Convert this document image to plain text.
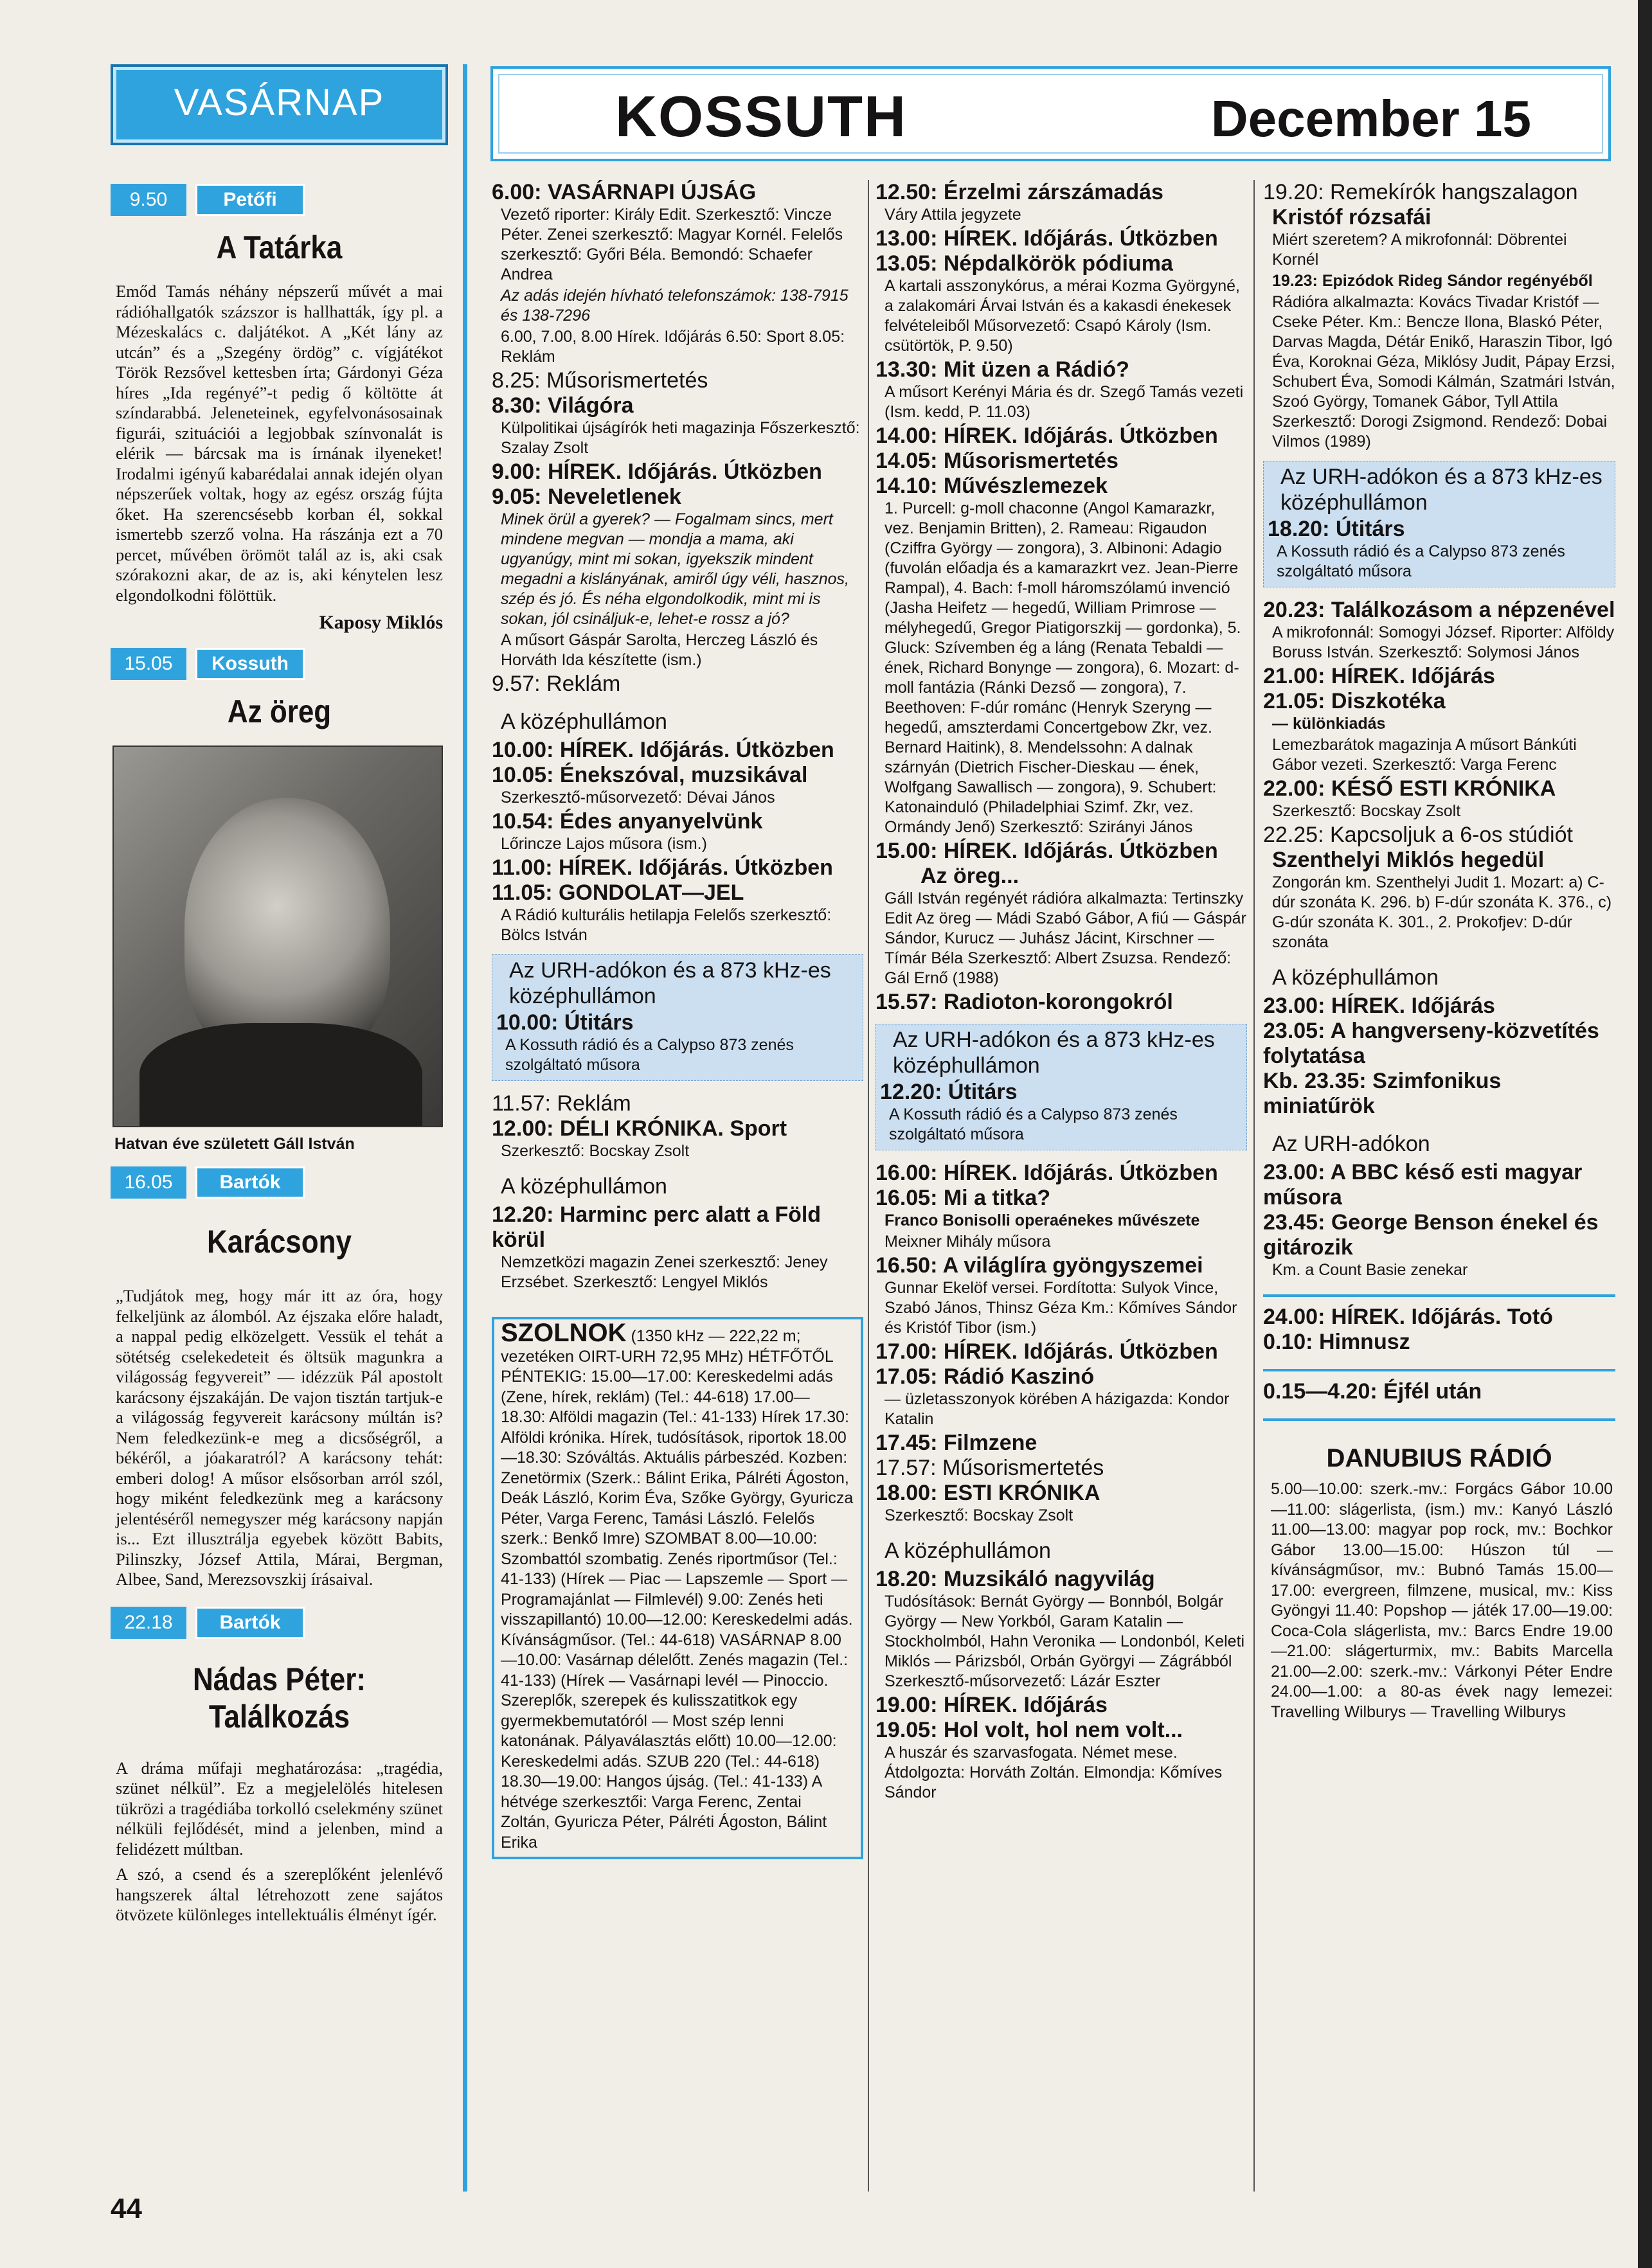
VASÁRNAP
9.50	Petőfi
A Tatárka
Emőd Tamás néhány népszerű művét a mai rádióhallgatók százszor is hallhatták, így pl. a Mézeskalács c. daljátékot. A „Két lány az utcán” és a „Szegény ördög” c. vígjátékot Török Rezsővel kettesben írta; Gárdonyi Géza híres „Ida regényé”-t pedig ő költötte át színdarabbá. Jeleneteinek, egyfelvonásosainak figurái, szituációi a legjobbak színvonalát is elérik — bárcsak ma is írnának ilyeneket! Irodalmi igényű kabarédalai annak idején olyan népszerűek voltak, hogy az egész ország fújta őket. Ha szerencsésebb korban él, sokkal ismertebb szerző volna. Ha rászánja ezt a 70 percet, művében örömöt talál az is, aki csak szórakozni akar, de az is, aki kénytelen lesz elgondolkodni fölöttük.
Kaposy Miklós
15.05	Kossuth
Az öreg
Hatvan éve született Gáll István
16.05	Bartók
Karácsony
„Tudjátok meg, hogy már itt az óra, hogy felkeljünk az álomból. Az éjszaka előre haladt, a nappal pedig elközelgett. Vessük el tehát a sötétség cselekedeteit és öltsük magunkra a világosság fegyvereit” — idézzük Pál apostolt karácsony éjszakáján. De vajon tisztán tartjuk-e a világosság fegyvereit karácsony múltán is? Nem feledkezünk-e meg a dicsőségről, a békéről, a jóakaratról? A karácsony tehát: emberi dolog! A műsor elsősorban arról szól, hogy miként feledkezünk meg a karácsony jelentéséről nemegyszer még karácsony napján is... Ezt illusztrálja egyebek között Babits, Pilinszky, József Attila, Márai, Bergman, Albee, Sand, Merezsovszkij írásaival.
22.18	Bartók
Nádas Péter: Találkozás
A dráma műfaji meghatározása: „tragédia, szünet nélkül”. Ez a megjelelölés hitelesen tükrözi a tragédiába torkolló cselekmény szünet nélküli fejlődését, mind a jelenben, mind a felidézett múltban.
A szó, a csend és a szereplőként jelenlévő hangszerek által létrehozott zene sajátos ötvözete különleges intellektuális élményt ígér.
KOSSUTH	December 15

6.00: VASÁRNAPI ÚJSÁG

Vezető riporter: Király Edit. Szerkesztő: Vincze Péter. Zenei szerkesztő: Magyar Kornél. Felelős szerkesztő: Győri Béla. Bemondó: Schaefer Andrea

Az adás idején hívható telefonszámok: 138-7915 és 138-7296

6.00, 7.00, 8.00 Hírek. Időjárás 6.50: Sport 8.05: Reklám

8.25: Műsorismertetés

8.30: Világóra

Külpolitikai újságírók heti magazinja Főszerkesztő: Szalay Zsolt

9.00: HÍREK. Időjárás. Útközben

9.05: Neveletlenek

Minek örül a gyerek? — Fogalmam sincs, mert mindene megvan — mondja a mama, aki ugyanúgy, mint mi sokan, igyekszik mindent megadni a kislányának, amiről úgy véli, hasznos, szép és jó. És néha elgondolkodik, mint mi is sokan, jól csináljuk-e, lehet-e rossz a jó?

A műsort Gáspár Sarolta, Herczeg László és Horváth Ida készítette (ism.)

9.57: Reklám

A középhullámon

10.00: HÍREK. Időjárás. Útközben

10.05: Énekszóval, muzsikával

Szerkesztő-műsorvezető: Dévai János

10.54: Édes anyanyelvünk

Lőrincze Lajos műsora (ism.)

11.00: HÍREK. Időjárás. Útközben

11.05: GONDOLAT—JEL

A Rádió kulturális hetilapja Felelős szerkesztő: Bölcs István

Az URH-adókon és a 873 kHz-es középhullámon

10.00: Útitárs

A Kossuth rádió és a Calypso 873 zenés szolgáltató műsora

11.57: Reklám

12.00: DÉLI KRÓNIKA. Sport

Szerkesztő: Bocskay Zsolt

A középhullámon

12.20: Harminc perc alatt a Föld körül

Nemzetközi magazin Zenei szerkesztő: Jeney Erzsébet. Szerkesztő: Lengyel Miklós

SZOLNOK (1350 kHz — 222,22 m; vezetéken OIRT-URH 72,95 MHz) HÉTFŐTŐL PÉNTEKIG: 15.00—17.00: Kereskedelmi adás (Zene, hírek, reklám) (Tel.: 44-618) 17.00—18.30: Alföldi magazin (Tel.: 41-133) Hírek 17.30: Alföldi krónika. Hírek, tudósítások, riportok 18.00—18.30: Szóváltás. Aktuális párbeszéd. Kozben: Zenetörmix (Szerk.: Bálint Erika, Pálréti Ágoston, Deák László, Korim Éva, Szőke György, Gyuricza Péter, Varga Ferenc, Tamási László. Felelős szerk.: Benkő Imre) SZOMBAT 8.00—10.00: Szombattól szombatig. Zenés riportműsor (Tel.: 41-133) (Hírek — Piac — Lapszemle — Sport — Programajánlat — Filmlevél) 9.00: Zenés heti visszapillantó) 10.00—12.00: Kereskedelmi adás. Kívánságműsor. (Tel.: 44-618) VASÁRNAP 8.00—10.00: Vasárnap délelőtt. Zenés magazin (Tel.: 41-133) (Hírek — Vasárnapi levél — Pinoccio. Szereplők, szerepek és kulisszatitkok egy gyermekbemutatóról — Most szép lenni katonának. Pályaválasztás előtt) 10.00—12.00: Kereskedelmi adás. SZUB 220 (Tel.: 44-618) 18.30—19.00: Hangos újság. (Tel.: 41-133) A hétvége szerkesztői: Varga Ferenc, Zentai Zoltán, Gyuricza Péter, Pálréti Ágoston, Bálint Erika

12.50: Érzelmi zárszámadás

Váry Attila jegyzete

13.00: HÍREK. Időjárás. Útközben

13.05: Népdalkörök pódiuma

A kartali asszonykórus, a mérai Kozma Györgyné, a zalakomári Árvai István és a kakasdi énekesek felvételeiből Műsorvezető: Csapó Károly (Ism. csütörtök, P. 9.50)

13.30: Mit üzen a Rádió?

A műsort Kerényi Mária és dr. Szegő Tamás vezeti (Ism. kedd, P. 11.03)

14.00: HÍREK. Időjárás. Útközben

14.05: Műsorismertetés

14.10: Művészlemezek

1. Purcell: g-moll chaconne (Angol Kamarazkr, vez. Benjamin Britten), 2. Rameau: Rigaudon (Cziffra György — zongora), 3. Albinoni: Adagio (fuvolán előadja és a kamarazkrt vez. Jean-Pierre Rampal), 4. Bach: f-moll háromszólamú invenció (Jasha Heifetz — hegedű, William Primrose — mélyhegedű, Gregor Piatigorszkij — gordonka), 5. Gluck: Szívemben ég a láng (Renata Tebaldi — ének, Richard Bonynge — zongora), 6. Mozart: d-moll fantázia (Ránki Dezső — zongora), 7. Beethoven: F-dúr románc (Henryk Szeryng — hegedű, amszterdami Concertgebow Zkr, vez. Bernard Haitink), 8. Mendelssohn: A dalnak szárnyán (Dietrich Fischer-Dieskau — ének, Wolfgang Sawallisch — zongora), 9. Schubert: Katonainduló (Philadelphiai Szimf. Zkr, vez. Ormándy Jenő) Szerkesztő: Szirányi János

15.00: HÍREK. Időjárás. Útközben

Az öreg...

Gáll István regényét rádióra alkalmazta: Tertinszky Edit Az öreg — Mádi Szabó Gábor, A fiú — Gáspár Sándor, Kurucz — Juhász Jácint, Kirschner — Tímár Béla Szerkesztő: Albert Zsuzsa. Rendező: Gál Ernő (1988)

15.57: Radioton-korongokról

Az URH-adókon és a 873 kHz-es középhullámon

12.20: Útitárs

A Kossuth rádió és a Calypso 873 zenés szolgáltató műsora

16.00: HÍREK. Időjárás. Útközben

16.05: Mi a titka?

Franco Bonisolli operaénekes művészete

Meixner Mihály műsora

16.50: A világlíra gyöngyszemei

Gunnar Ekelöf versei. Fordította: Sulyok Vince, Szabó János, Thinsz Géza Km.: Kőmíves Sándor és Kristóf Tibor (ism.)

17.00: HÍREK. Időjárás. Útközben

17.05: Rádió Kaszinó

— üzletasszonyok körében A házigazda: Kondor Katalin

17.45: Filmzene

17.57: Műsorismertetés

18.00: ESTI KRÓNIKA

Szerkesztő: Bocskay Zsolt

A középhullámon

18.20: Muzsikáló nagyvilág

Tudósítások: Bernát György — Bonnból, Bolgár György — New Yorkból, Garam Katalin — Stockholmból, Hahn Veronika — Londonból, Keleti Miklós — Párizsból, Orbán Györgyi — Zágrábból Szerkesztő-műsorvezető: Lázár Eszter

19.00: HÍREK. Időjárás

19.05: Hol volt, hol nem volt...

A huszár és szarvasfogata. Német mese. Átdolgozta: Horváth Zoltán. Elmondja: Kőmíves Sándor

19.20: Remekírók hangszalagon

Kristóf rózsafái

Miért szeretem? A mikrofonnál: Döbrentei Kornél

19.23: Epizódok Rideg Sándor regényéből

Rádióra alkalmazta: Kovács Tivadar Kristóf — Cseke Péter. Km.: Bencze Ilona, Blaskó Péter, Darvas Magda, Détár Enikő, Haraszin Tibor, Igó Éva, Koroknai Géza, Miklósy Judit, Pápay Erzsi, Schubert Éva, Somodi Kálmán, Szatmári István, Szoó György, Tomanek Gábor, Tyll Attila Szerkesztő: Dorogi Zsigmond. Rendező: Dobai Vilmos (1989)

Az URH-adókon és a 873 kHz-es középhullámon

18.20: Útitárs

A Kossuth rádió és a Calypso 873 zenés szolgáltató műsora

20.23: Találkozásom a népzenével

A mikrofonnál: Somogyi József. Riporter: Alföldy Boruss István. Szerkesztő: Solymosi János

21.00: HÍREK. Időjárás

21.05: Diszkotéka

— különkiadás

Lemezbarátok magazinja A műsort Bánkúti Gábor vezeti. Szerkesztő: Varga Ferenc

22.00: KÉSŐ ESTI KRÓNIKA

Szerkesztő: Bocskay Zsolt

22.25: Kapcsoljuk a 6-os stúdiót

Szenthelyi Miklós hegedül

Zongorán km. Szenthelyi Judit 1. Mozart: a) C-dúr szonáta K. 296. b) F-dúr szonáta K. 376., c) G-dúr szonáta K. 301., 2. Prokofjev: D-dúr szonáta

A középhullámon

23.00: HÍREK. Időjárás

23.05: A hangverseny-közvetítés folytatása

Kb. 23.35: Szimfonikus miniatűrök

Az URH-adókon

23.00: A BBC késő esti magyar műsora

23.45: George Benson énekel és gitározik

Km. a Count Basie zenekar

24.00: HÍREK. Időjárás. Totó

0.10: Himnusz

0.15—4.20: Éjfél után

DANUBIUS RÁDIÓ
5.00—10.00: szerk.-mv.: Forgács Gábor 10.00—11.00: slágerlista, (ism.) mv.: Kanyó László 11.00—13.00: magyar pop rock, mv.: Bochkor Gábor 13.00—15.00: Húszon túl — kívánságműsor, mv.: Bubnó Tamás 15.00—17.00: evergreen, filmzene, musical, mv.: Kiss Gyöngyi 11.40: Popshop — játék 17.00—19.00: Coca-Cola slágerlista, mv.: Barcs Endre 19.00—21.00: slágerturmix, mv.: Babits Marcella 21.00—2.00: szerk.-mv.: Várkonyi Péter Endre 24.00—1.00: a 80-as évek nagy lemezei: Travelling Wilburys — Travelling Wilburys
44
